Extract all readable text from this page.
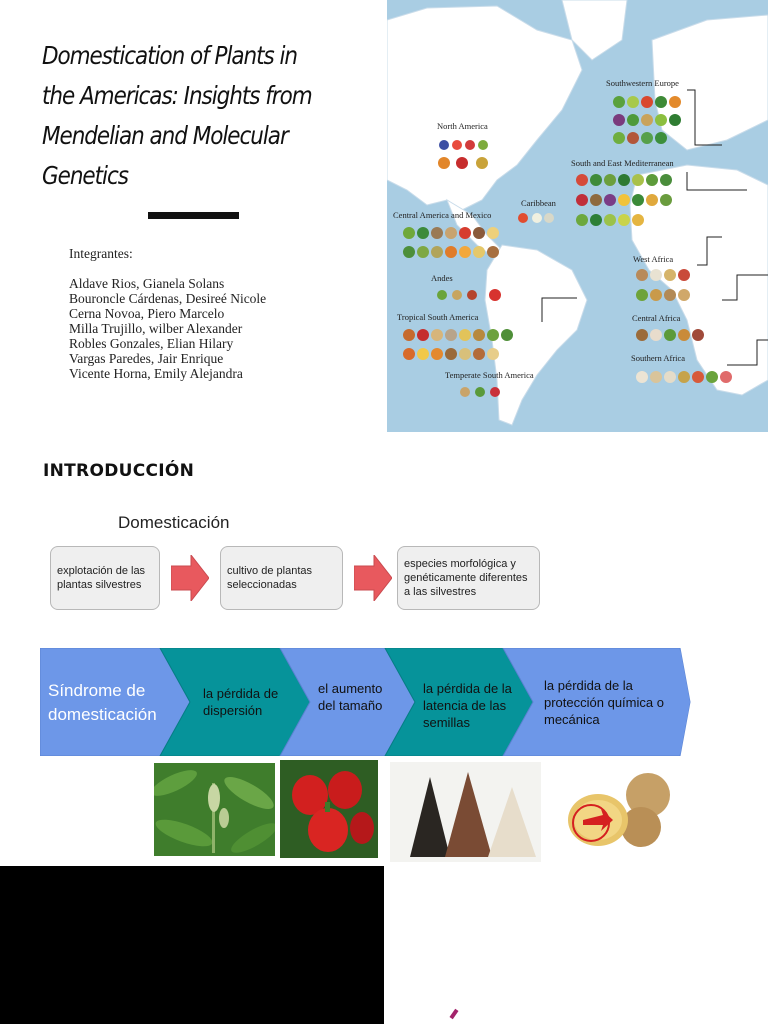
Domestication of Plants in the Americas: Insights from Mendelian and Molecular Genetics
Integrantes:
Aldave Rios, Gianela Solans
Bouroncle Cárdenas, Desireé Nicole
Cerna Novoa, Piero Marcelo
Milla Trujillo, wilber Alexander
Robles Gonzales, Elian Hilary
Vargas Paredes, Jair Enrique
Vicente Horna, Emily Alejandra
Southwestern Europe
North America
South and East Mediterranean
Caribbean
Central America and Mexico
West Africa
Andes
Tropical South America	Central Africa
Southern Africa
Temperate South America
INTRODUCCIÓN
Domesticación
explotación de las plantas silvestres
cultivo de plantas seleccionadas
especies morfológica y genéticamente diferentes a las silvestres
Síndrome de domesticación
la pérdida de dispersión
el aumento del tamaño
la pérdida de la latencia de las semillas
la pérdida de la protección química o mecánica
